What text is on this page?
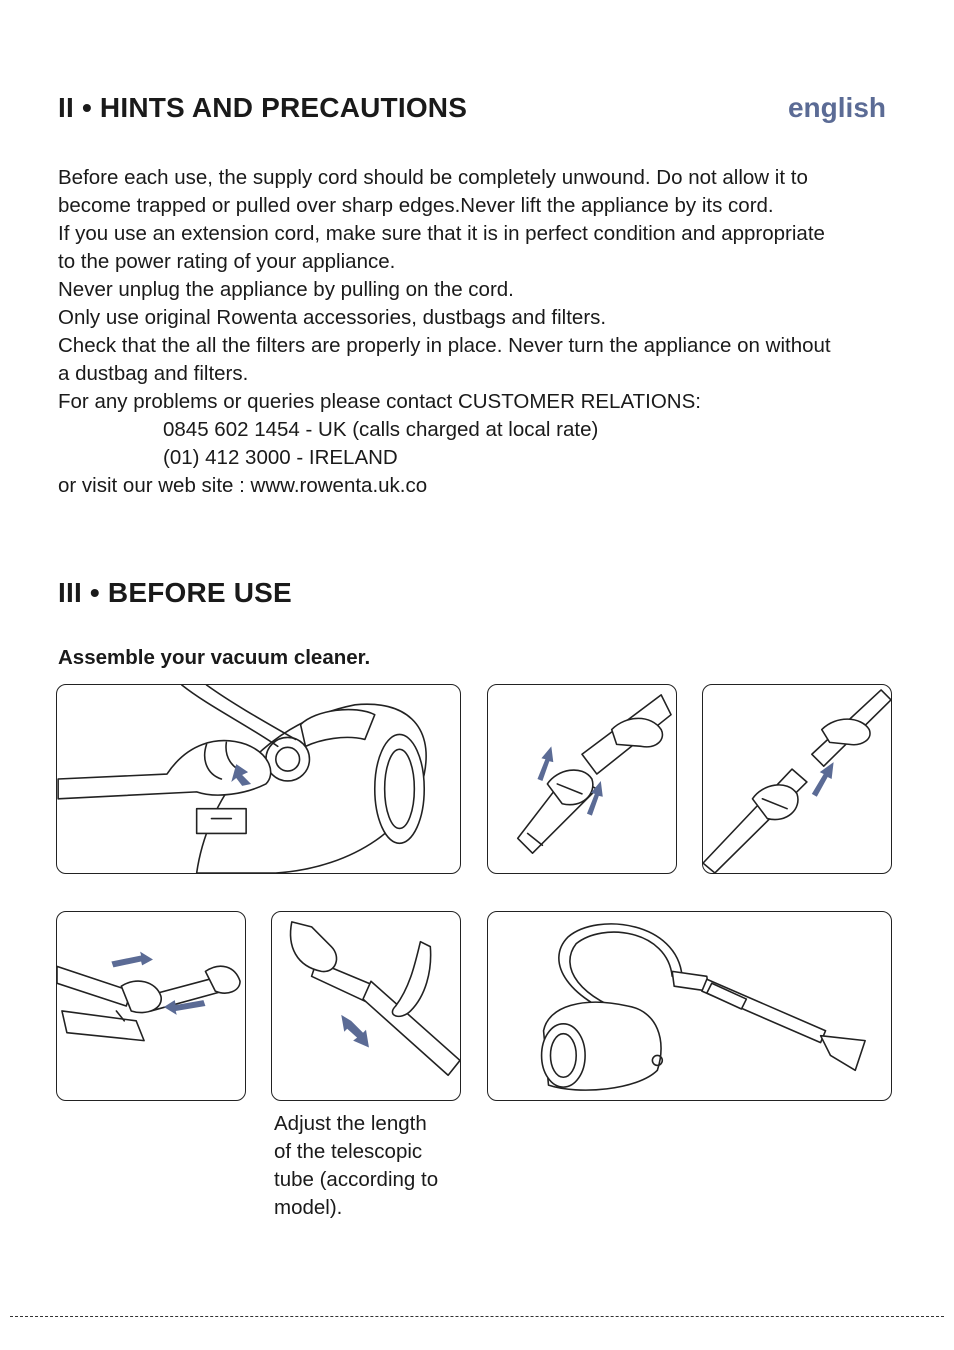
II • HINTS AND PRECAUTIONS	english

Before each use, the supply cord should be completely unwound. Do not allow it to

become trapped or pulled over sharp edges.Never lift the appliance by its cord.

If you use an extension cord, make sure that it is in perfect condition and appropriate

to the power rating of your appliance.

Never unplug the appliance by pulling on the cord.

Only use original Rowenta accessories, dustbags and filters.

Check that the all the filters are properly in place. Never turn the appliance on without

a dustbag and filters.

For any problems or queries please contact CUSTOMER RELATIONS:

0845 602 1454 - UK (calls charged at local rate)

(01) 412 3000 - IRELAND

or visit our web site : www.rowenta.uk.co

III • BEFORE USE

Assemble your vacuum cleaner.

Adjust the length
of the telescopic
tube (according to
model).
